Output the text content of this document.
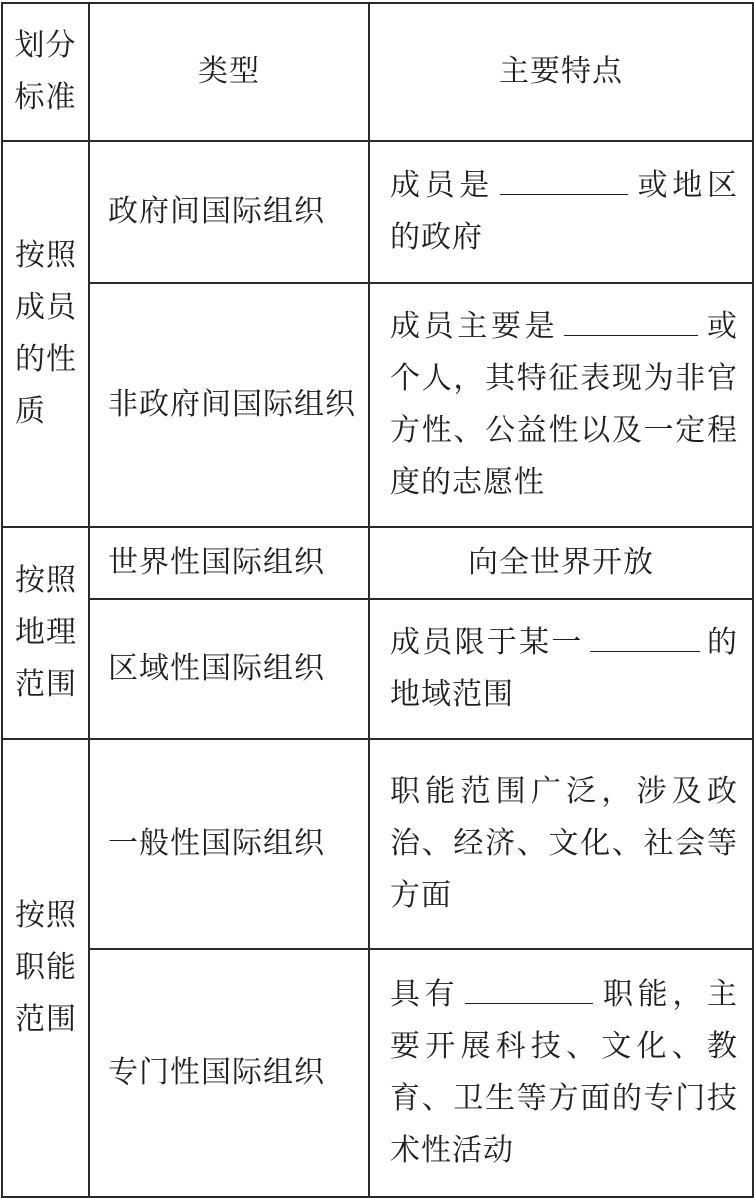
划分标准	类型	主要特点
按照成员的性质	政府间国际组织	成员是 或地区的政府
	非政府间国际组织	成员主要是 或个人，其特征表现为非官方性、公益性以及一定程度的志愿性
按照地理范围	世界性国际组织	向全世界开放
	区域性国际组织	成员限于某一 的地域范围
按照职能范围	一般性国际组织	职能范围广泛，涉及政治、经济、文化、社会等方面
	专门性国际组织	具有 职能，主要开展科技、文化、教育、卫生等方面的专门技术性活动
